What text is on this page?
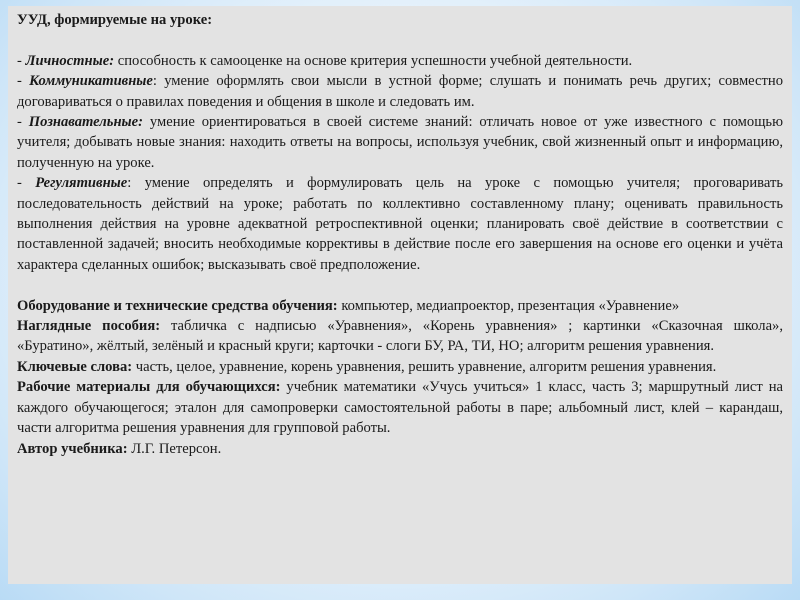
УУД, формируемые на уроке:

- Личностные: способность к самооценке на основе критерия успешности учебной деятельности.

- Коммуникативные: умение оформлять свои мысли в устной форме; слушать и понимать речь других; совместно договариваться о правилах поведения и общения в школе и следовать им.

- Познавательные: умение ориентироваться в своей системе знаний: отличать новое от уже известного с помощью учителя; добывать новые знания: находить ответы на вопросы, используя учебник, свой жизненный опыт и информацию, полученную на уроке.

- Регулятивные: умение определять и формулировать цель на уроке с помощью учителя; проговаривать последовательность действий на уроке; работать по коллективно составленному плану; оценивать правильность выполнения действия на уровне адекватной ретроспективной оценки; планировать своё действие в соответствии с поставленной задачей; вносить необходимые коррективы в действие после его завершения на основе его оценки и учёта характера сделанных ошибок; высказывать своё предположение.

Оборудование и технические средства обучения: компьютер, медиапроектор, презентация «Уравнение»

Наглядные пособия: табличка с надписью «Уравнения», «Корень уравнения» ; картинки «Сказочная школа», «Буратино», жёлтый, зелёный и красный круги; карточки - слоги БУ, РА, ТИ, НО; алгоритм решения уравнения.

Ключевые слова: часть, целое, уравнение, корень уравнения, решить уравнение, алгоритм решения уравнения.

Рабочие материалы для обучающихся: учебник математики «Учусь учиться» 1 класс, часть 3; маршрутный лист на каждого обучающегося; эталон для самопроверки самостоятельной работы в паре; альбомный лист, клей – карандаш, части алгоритма решения уравнения для групповой работы.

Автор учебника: Л.Г. Петерсон.
